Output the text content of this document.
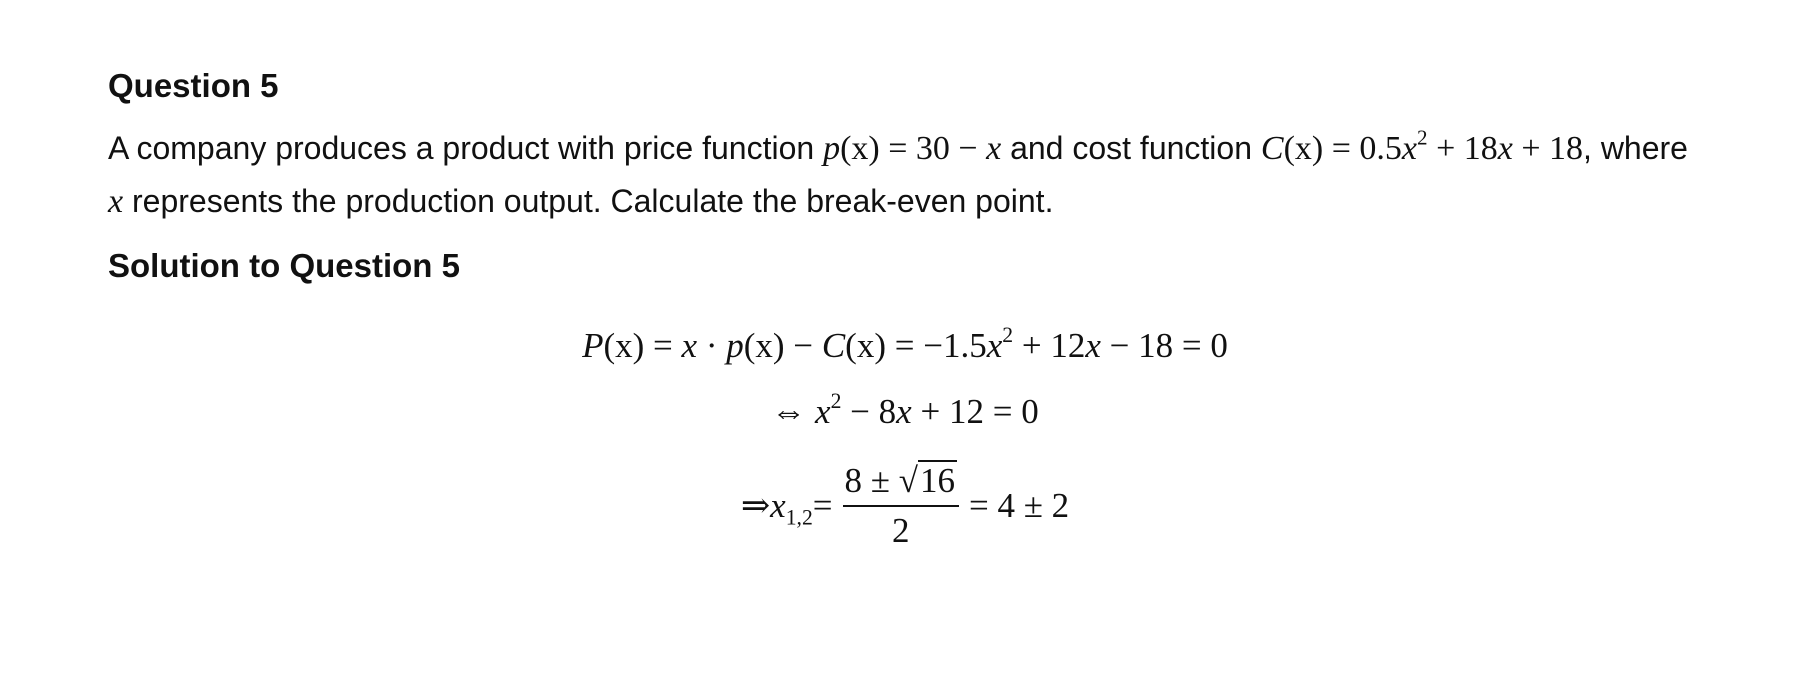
Question 5

A company produces a product with price function p(x) = 30 − x and cost function $C(x) = 0.5x^2 + 18x + 18$, where x represents the production output. Calculate the break-even point.

Solution to Question 5
$P(x) = x \cdot p(x) - C(x) = -1.5x^2 + 12x - 18 = 0$
⇔ $x^2 - 8x + 12 = 0$
$\Rightarrow x_{1,2}= \frac{8 \pm √16}{2} = 4 \pm 2$
